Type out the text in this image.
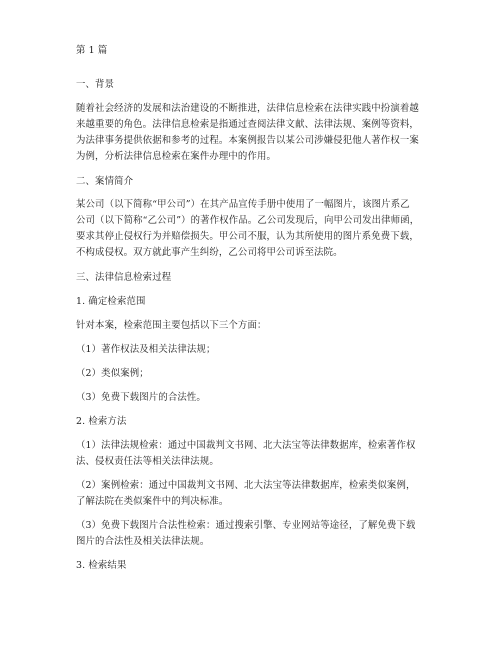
第 1 篇
一、背景
随着社会经济的发展和法治建设的不断推进，法律信息检索在法律实践中扮演着越
来越重要的角色。法律信息检索是指通过查阅法律文献、法律法规、案例等资料，
为法律事务提供依据和参考的过程。本案例报告以某公司涉嫌侵犯他人著作权一案
为例，分析法律信息检索在案件办理中的作用。
二、案情简介
某公司（以下简称“甲公司”）在其产品宣传手册中使用了一幅图片，该图片系乙
公司（以下简称“乙公司”）的著作权作品。乙公司发现后，向甲公司发出律师函，
要求其停止侵权行为并赔偿损失。甲公司不服，认为其所使用的图片系免费下载，
不构成侵权。双方就此事产生纠纷，乙公司将甲公司诉至法院。
三、法律信息检索过程
1. 确定检索范围
针对本案，检索范围主要包括以下三个方面：
（1）著作权法及相关法律法规；
（2）类似案例；
（3）免费下载图片的合法性。
2. 检索方法
（1）法律法规检索：通过中国裁判文书网、北大法宝等法律数据库，检索著作权
法、侵权责任法等相关法律法规。
（2）案例检索：通过中国裁判文书网、北大法宝等法律数据库，检索类似案例，
了解法院在类似案件中的判决标准。
（3）免费下载图片合法性检索：通过搜索引擎、专业网站等途径，了解免费下载
图片的合法性及相关法律法规。
3. 检索结果
